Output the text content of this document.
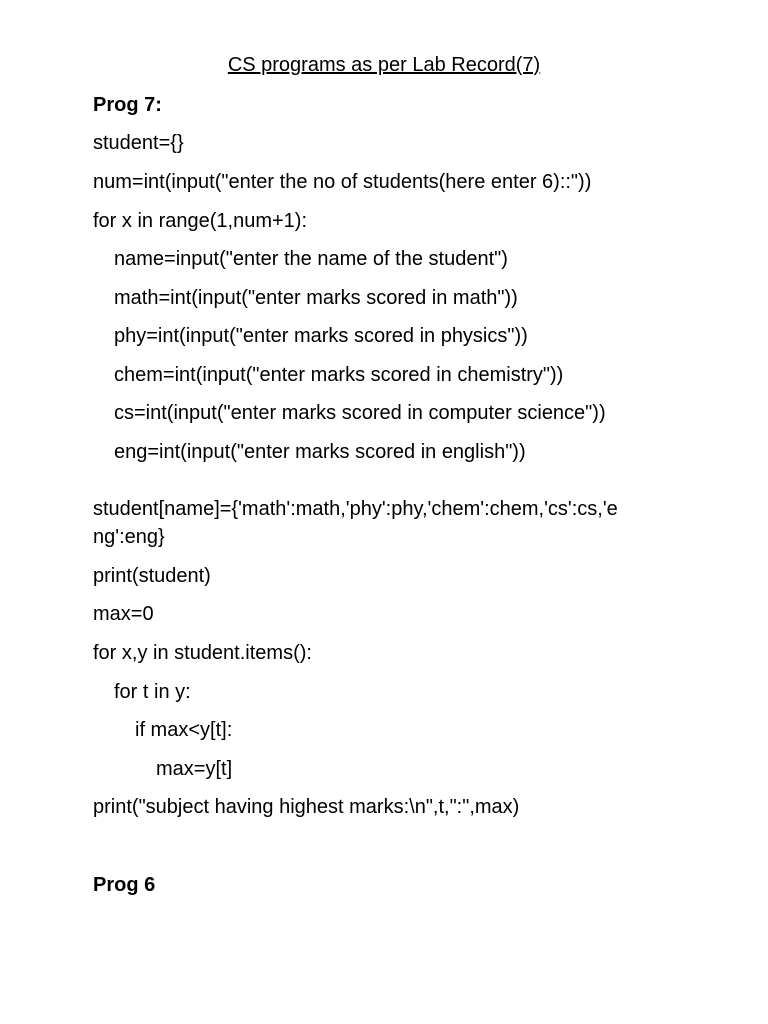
CS programs as per Lab Record(7)
Prog 7:
student={}
num=int(input("enter the no of students(here enter 6)::"))
for x in range(1,num+1):
name=input("enter the name of the student")
math=int(input("enter marks scored in math"))
phy=int(input("enter marks scored in physics"))
chem=int(input("enter marks scored in chemistry"))
cs=int(input("enter marks scored in computer science"))
eng=int(input("enter marks scored in english"))
student[name]={'math':math,'phy':phy,'chem':chem,'cs':cs,'e
ng':eng}
print(student)
max=0
for x,y in student.items():
for t in y:
if max<y[t]:
max=y[t]
print("subject having highest marks:\n",t,":",max)
Prog 6
